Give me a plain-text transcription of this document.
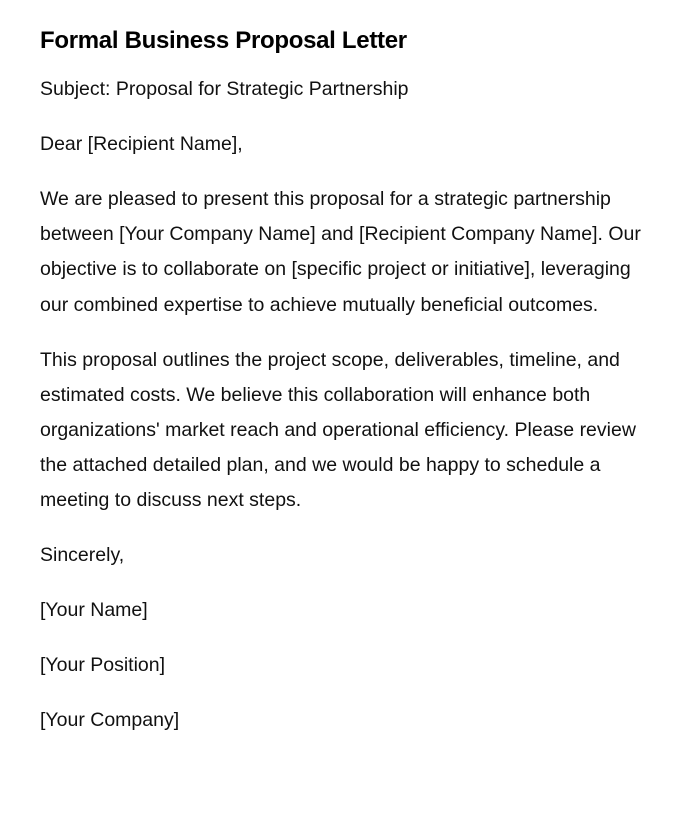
Formal Business Proposal Letter

Subject: Proposal for Strategic Partnership

Dear [Recipient Name],

We are pleased to present this proposal for a strategic partnership between [Your Company Name] and [Recipient Company Name]. Our objective is to collaborate on [specific project or initiative], leveraging our combined expertise to achieve mutually beneficial outcomes.

This proposal outlines the project scope, deliverables, timeline, and estimated costs. We believe this collaboration will enhance both organizations' market reach and operational efficiency. Please review the attached detailed plan, and we would be happy to schedule a meeting to discuss next steps.

Sincerely,

[Your Name]

[Your Position]

[Your Company]
